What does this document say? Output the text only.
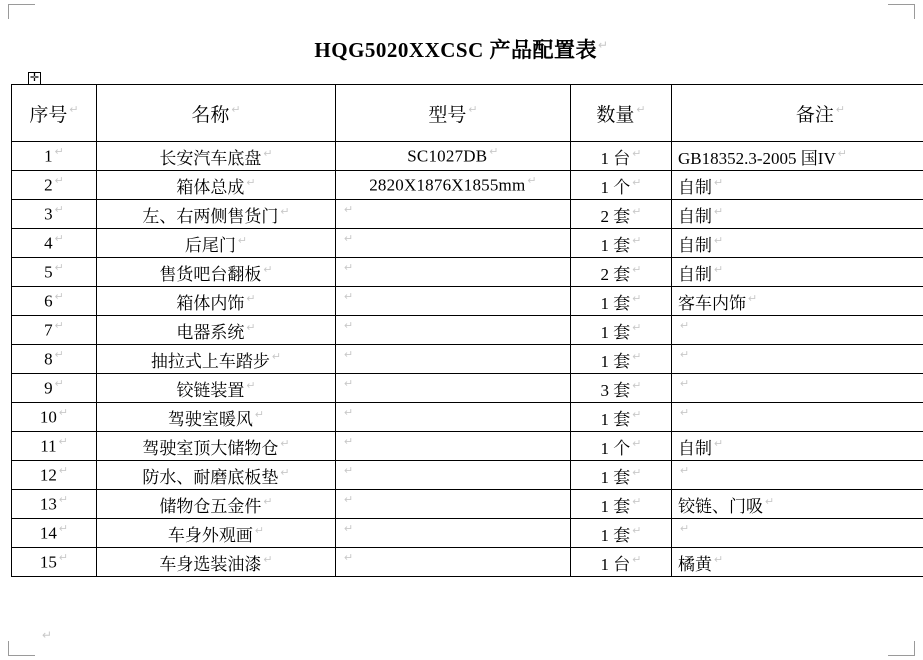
HQG5020XXCSC 产品配置表↵
✛
序号 ↵	名称 ↵	型号 ↵	数量 ↵	备注 ↵
1 ↵	长安汽车底盘 ↵	SC1027DB ↵	1 台 ↵	GB18352.3-2005 国IV ↵
2 ↵	箱体总成 ↵	2820X1876X1855mm ↵	1 个 ↵	自制 ↵
3 ↵	左、右两侧售货门 ↵	↵	2 套 ↵	自制 ↵
4 ↵	后尾门 ↵	↵	1 套 ↵	自制 ↵
5 ↵	售货吧台翻板 ↵	↵	2 套 ↵	自制 ↵
6 ↵	箱体内饰 ↵	↵	1 套 ↵	客车内饰 ↵
7 ↵	电器系统 ↵	↵	1 套 ↵	↵
8 ↵	抽拉式上车踏步 ↵	↵	1 套 ↵	↵
9 ↵	铰链装置 ↵	↵	3 套 ↵	↵
10 ↵	驾驶室暖风 ↵	↵	1 套 ↵	↵
11 ↵	驾驶室顶大储物仓 ↵	↵	1 个 ↵	自制 ↵
12 ↵	防水、耐磨底板垫 ↵	↵	1 套 ↵	↵
13 ↵	储物仓五金件 ↵	↵	1 套 ↵	铰链、门吸 ↵
14 ↵	车身外观画 ↵	↵	1 套 ↵	↵
15 ↵	车身选装油漆 ↵	↵	1 台 ↵	橘黄 ↵
↵
